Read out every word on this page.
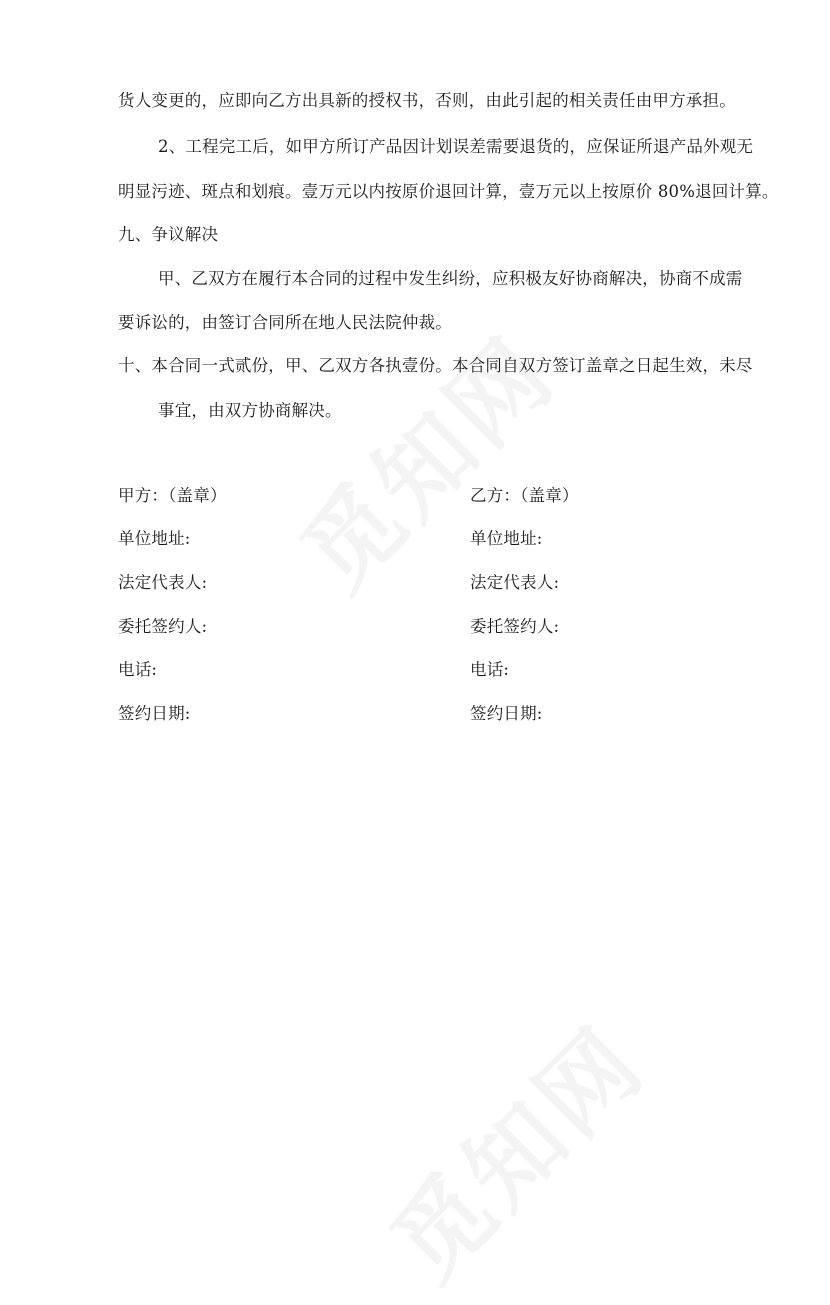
货人变更的，应即向乙方出具新的授权书，否则，由此引起的相关责任由甲方承担。
2、工程完工后，如甲方所订产品因计划误差需要退货的，应保证所退产品外观无
明显污迹、斑点和划痕。壹万元以内按原价退回计算，壹万元以上按原价 80%退回计算。
九、争议解决
甲、乙双方在履行本合同的过程中发生纠纷，应积极友好协商解决，协商不成需
要诉讼的，由签订合同所在地人民法院仲裁。
十、本合同一式贰份，甲、乙双方各执壹份。本合同自双方签订盖章之日起生效，未尽
事宜，由双方协商解决。
甲方：（盖章）
单位地址:
法定代表人:
委托签约人:
电话:
签约日期:
乙方：（盖章）
单位地址:
法定代表人:
委托签约人:
电话:
签约日期:
